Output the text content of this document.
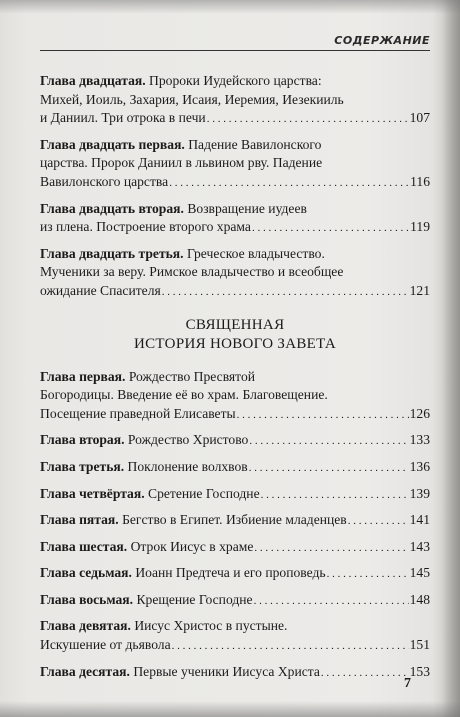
СОДЕРЖАНИЕ
Глава двадцатая. Пророки Иудейского царства:
Михей, Иоиль, Захария, Исаия, Иеремия, Иезекииль
и Даниил. Три отрока в печи . . .	107
Глава двадцать первая. Падение Вавилонского
царства. Пророк Даниил в львином рву. Падение
Вавилонского царства . . .	116
Глава двадцать вторая. Возвращение иудеев
из плена. Построение второго храма . . .	119
Глава двадцать третья. Греческое владычество.
Мученики за веру. Римское владычество и всеобщее
ожидание Спасителя . . .	121
СВЯЩЕННАЯ
ИСТОРИЯ НОВОГО ЗАВЕТА
Глава первая. Рождество Пресвятой
Богородицы. Введение её во храм. Благовещение.
Посещение праведной Елисаветы . . .	126
Глава вторая. Рождество Христово . . .	133
Глава третья. Поклонение волхвов . . .	136
Глава четвёртая. Сретение Господне . . .	139
Глава пятая. Бегство в Египет. Избиение младенцев . . .	141
Глава шестая. Отрок Иисус в храме . . .	143
Глава седьмая. Иоанн Предтеча и его проповедь . . .	145
Глава восьмая. Крещение Господне . . .	148
Глава девятая. Иисус Христос в пустыне.
Искушение от дьявола . . .	151
Глава десятая. Первые ученики Иисуса Христа . . .	153
7
